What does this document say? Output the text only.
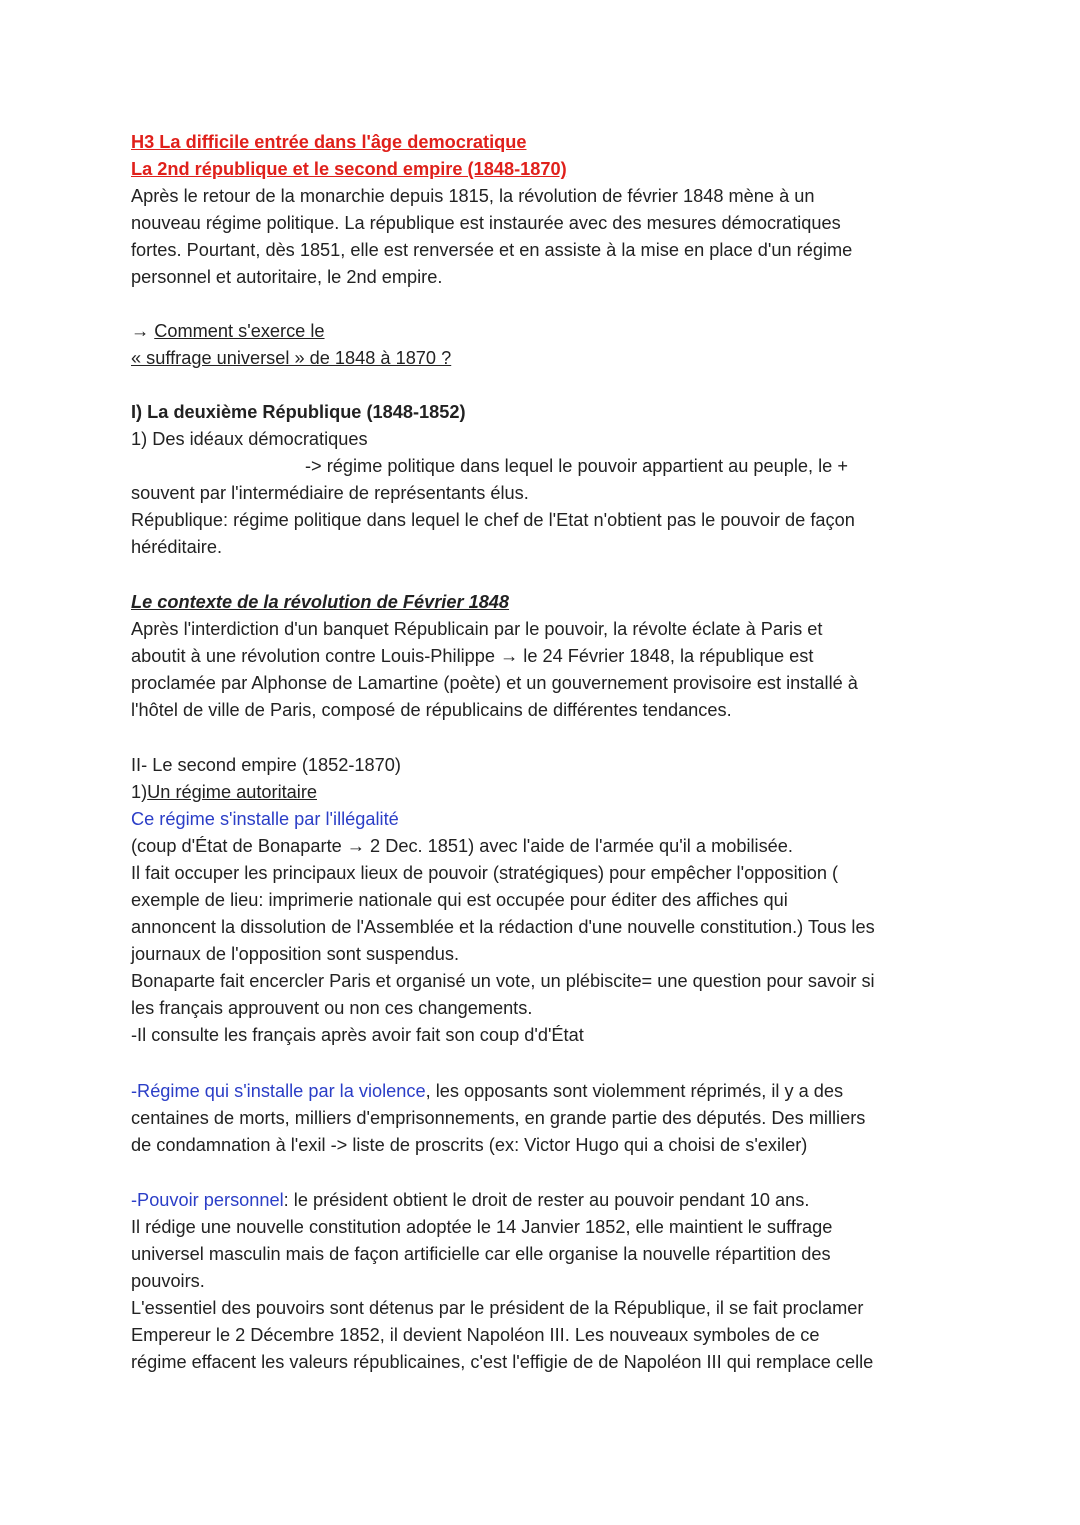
H3 La difficile entrée dans l'âge democratique
La 2nd république et le second empire (1848-1870)
Après le retour de la monarchie depuis 1815, la révolution de février 1848 mène à un
nouveau régime politique. La république est instaurée avec des mesures démocratiques
fortes. Pourtant, dès 1851, elle est renversée et en assiste à la mise en place d'un régime
personnel et autoritaire, le 2nd empire.
→ Comment s'exerce le
« suffrage universel » de 1848 à 1870 ?
I) La deuxième République (1848-1852)
1) Des idéaux démocratiques
-> régime politique dans lequel le pouvoir appartient au peuple, le +
souvent par l'intermédiaire de représentants élus.
République: régime politique dans lequel le chef de l'Etat n'obtient pas le pouvoir de façon
héréditaire.
Le contexte de la révolution de Février 1848
Après l'interdiction d'un banquet Républicain par le pouvoir, la révolte éclate à Paris et
aboutit à une révolution contre Louis-Philippe → le 24 Février 1848, la république est
proclamée par Alphonse de Lamartine (poète) et un gouvernement provisoire est installé à
l'hôtel de ville de Paris, composé de républicains de différentes tendances.
II- Le second empire (1852-1870)
1)Un régime autoritaire
Ce régime s'installe par l'illégalité
(coup d'État de Bonaparte → 2 Dec. 1851) avec l'aide de l'armée qu'il a mobilisée.
Il fait occuper les principaux lieux de pouvoir (stratégiques) pour empêcher l'opposition (
exemple de lieu: imprimerie nationale qui est occupée pour éditer des affiches qui
annoncent la dissolution de l'Assemblée et la rédaction d'une nouvelle constitution.) Tous les
journaux de l'opposition sont suspendus.
Bonaparte fait encercler Paris et organisé un vote, un plébiscite= une question pour savoir si
les français approuvent ou non ces changements.
-Il consulte les français après avoir fait son coup d'd'État
-Régime qui s'installe par la violence, les opposants sont violemment réprimés, il y a des
centaines de morts, milliers d'emprisonnements, en grande partie des députés. Des milliers
de condamnation à l'exil -> liste de proscrits (ex: Victor Hugo qui a choisi de s'exiler)
-Pouvoir personnel: le président obtient le droit de rester au pouvoir pendant 10 ans.
Il rédige une nouvelle constitution adoptée le 14 Janvier 1852, elle maintient le suffrage
universel masculin mais de façon artificielle car elle organise la nouvelle répartition des
pouvoirs.
L'essentiel des pouvoirs sont détenus par le président de la République, il se fait proclamer
Empereur le 2 Décembre 1852, il devient Napoléon III. Les nouveaux symboles de ce
régime effacent les valeurs républicaines, c'est l'effigie de de Napoléon III qui remplace celle
